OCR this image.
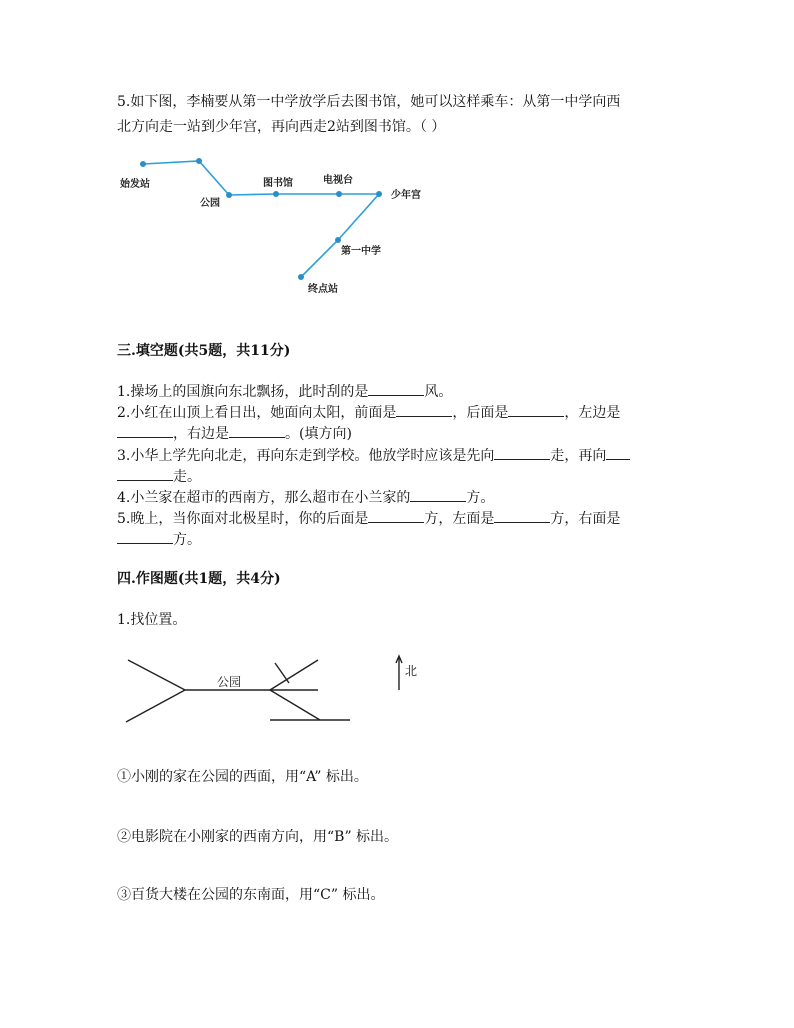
5.如下图，李楠要从第一中学放学后去图书馆，她可以这样乘车：从第一中学向西
北方向走一站到少年宫，再向西走2站到图书馆。（ ）
始发站
公园
图书馆	电视台
少年宫
第一中学
终点站
三.填空题(共5题，共11分)
1.操场上的国旗向东北飘扬，此时刮的是	风。
2.小红在山顶上看日出，她面向太阳，前面是	，后面是	，左边是
，右边是	。(填方向)
3.小华上学先向北走，再向东走到学校。他放学时应该是先向	走，再向
走。
4.小兰家在超市的西南方，那么超市在小兰家的	方。
5.晚上，当你面对北极星时，你的后面是	方，左面是	方，右面是
方。
四.作图题(共1题，共4分)
1.找位置。
公园
北
①小刚的家在公园的西面，用“A” 标出。
②电影院在小刚家的西南方向，用“B” 标出。
③百货大楼在公园的东南面，用“C” 标出。
